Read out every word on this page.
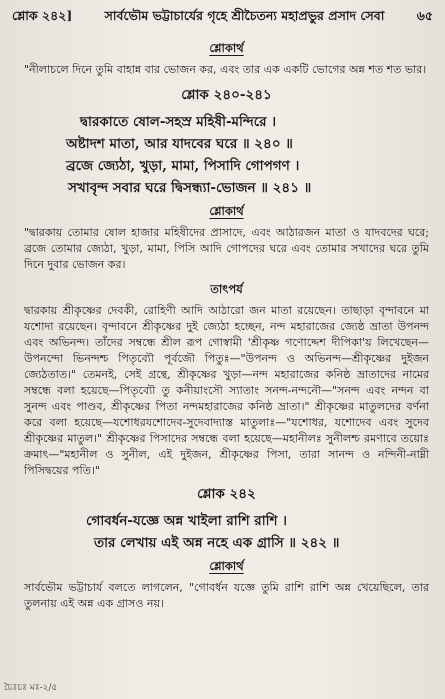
শ্লোক ২৪২]	সার্বভৌম ভট্টাচার্যের গৃহে শ্রীচৈতন্য মহাপ্রভুর প্রসাদ সেবা	৬৫
শ্লোকার্থ

"নীলাচলে দিনে তুমি বাহান্ন বার ভোজন কর, এবং তার এক একটি ভোগের অন্ন শত শত ভার।

শ্লোক ২৪০-২৪১
দ্বারকাতে ষোল-সহস্র মহিষী-মন্দিরে ।
অষ্টাদশ মাতা, আর যাদবের ঘরে ॥ ২৪০ ॥
ব্রজে জ্যেঠা, খুড়া, মামা, পিসাদি গোপগণ ।
সখাবৃন্দ সবার ঘরে দ্বিসন্ধ্যা-ভোজন ॥ ২৪১ ॥
শ্লোকার্থ

"দ্বারকায় তোমার ষোল হাজার মহিষীদের প্রাসাদে, এবং আঠারজন মাতা ও যাদবদের ঘরে; ব্রজে তোমার জ্যেঠা, খুড়া, মামা, পিসি আদি গোপদের ঘরে এবং তোমার সখাদের ঘরে তুমি দিনে দুবার ভোজন কর।

তাৎপর্য

দ্বারকায় শ্রীকৃষ্ণের দেবকী, রোহিণী আদি আঠারো জন মাতা রয়েছেন। তাছাড়া বৃন্দাবনে মা যশোদা রয়েছেন। বৃন্দাবনে শ্রীকৃষ্ণের দুই জ্যেঠা হচ্ছেন, নন্দ মহারাজের জ্যেষ্ঠ ভ্রাতা উপনন্দ এবং অভিনন্দ। তাঁদের সম্বন্ধে শ্রীল রূপ গোস্বামী 'শ্রীকৃষ্ণ গণোদ্দেশ দীপিকা'য় লিখেছেন—উপনন্দো ভিনন্দশ্চ পিতৃব্যৌ পূর্বজৌ পিতুঃ—"উপনন্দ ও অভিনন্দ—শ্রীকৃষ্ণের দুইজন জ্যেঠতাত।" তেমনই, সেই গ্রন্থে, শ্রীকৃষ্ণের খুড়া—নন্দ মহারাজের কনিষ্ঠ ভ্রাতাদের নামের সম্বন্ধে বলা হয়েছে—পিতৃব্যৌ তু কনীয়াংসৌ স্যাতাং সনন্দ-নন্দনৌ—"সনন্দ এবং নন্দন বা সুনন্দ এবং পাণ্ডব, শ্রীকৃষ্ণের পিতা নন্দমহারাজের কনিষ্ঠ ভ্রাতা।" শ্রীকৃষ্ণের মাতুলদের বর্ণনা করে বলা হয়েছে—যশোধরযশোদেব-সুদেবাদ্যাস্ত মাতুলাঃ—"যশোধর, যশোদেব এবং সুদেব শ্রীকৃষ্ণের মাতুল।" শ্রীকৃষ্ণের পিসাদের সম্বন্ধে বলা হয়েছে—মহানীলঃ সুনীলশ্চ রমণাবে তয়োঃ ক্রমাৎ—"মহানীল ও সুনীল, এই দুইজন, শ্রীকৃষ্ণের পিসা, তারা সানন্দ ও নন্দিনী-নাম্নী পিসিদ্বয়ের পতি।"

শ্লোক ২৪২
গোবর্ধন-যজ্ঞে অন্ন খাইলা রাশি রাশি ।
তার লেখায় এই অন্ন নহে এক গ্রাসি ॥ ২৪২ ॥
শ্লোকার্থ

সার্বভৌম ভট্টাচার্য বলতে লাগলেন, "গোবর্ধন যজ্ঞে তুমি রাশি রাশি অন্ন খেয়েছিলে, তার তুলনায় এই অন্ন এক গ্রাসও নয়।

চৈঃচঃ মঃ-২/৫
